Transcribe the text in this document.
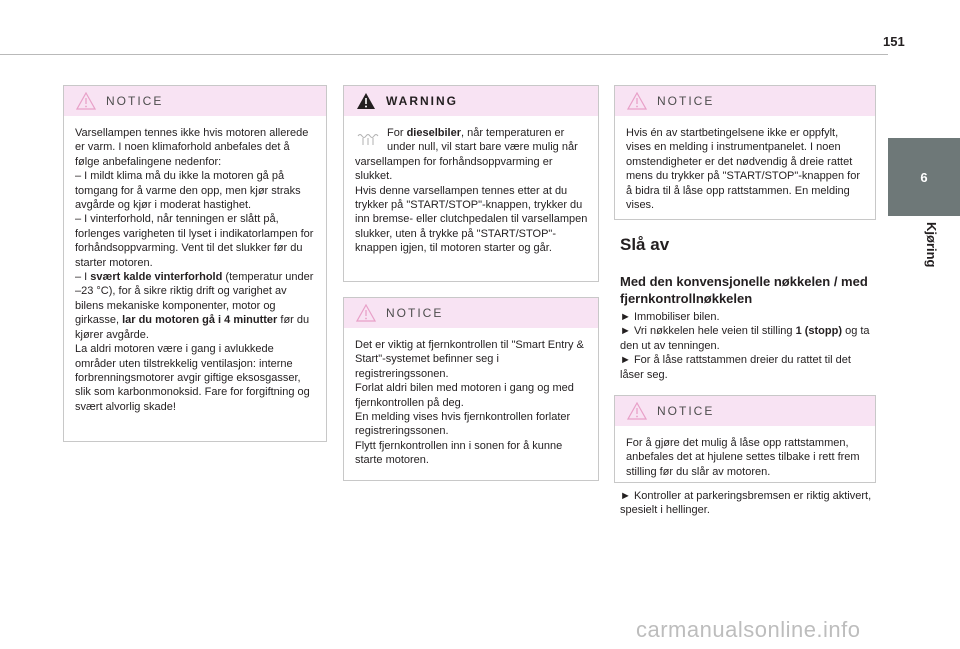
151
6
Kjøring
NOTICE

Varsellampen tennes ikke hvis motoren allerede er varm. I noen klimaforhold anbefales det å følge anbefalingene nedenfor:

– I mildt klima må du ikke la motoren gå på tomgang for å varme den opp, men kjør straks avgårde og kjør i moderat hastighet.

– I vinterforhold, når tenningen er slått på, forlenges varigheten til lyset i indikatorlampen for forhåndsoppvarming. Vent til det slukker før du starter motoren.

– I svært kalde vinterforhold (temperatur under –23 °C), for å sikre riktig drift og varighet av bilens mekaniske komponenter, motor og girkasse, lar du motoren gå i 4 minutter før du kjører avgårde.

La aldri motoren være i gang i avlukkede områder uten tilstrekkelig ventilasjon: interne forbrenningsmotorer avgir giftige eksosgasser, slik som karbonmonoksid. Fare for forgiftning og svært alvorlig skade!

WARNING

For dieselbiler, når temperaturen er under null, vil start bare være mulig når varsellampen for forhåndsoppvarming er slukket.

Hvis denne varsellampen tennes etter at du trykker på "START/STOP"-knappen, trykker du inn bremse- eller clutchpedalen til varsellampen slukker, uten å trykke på "START/STOP"-knappen igjen, til motoren starter og går.

NOTICE

Det er viktig at fjernkontrollen til "Smart Entry & Start"-systemet befinner seg i registreringssonen.

Forlat aldri bilen med motoren i gang og med fjernkontrollen på deg.

En melding vises hvis fjernkontrollen forlater registreringssonen.

Flytt fjernkontrollen inn i sonen for å kunne starte motoren.

NOTICE

Hvis én av startbetingelsene ikke er oppfylt, vises en melding i instrumentpanelet. I noen omstendigheter er det nødvendig å dreie rattet mens du trykker på "START/STOP"-knappen for å bidra til å låse opp rattstammen. En melding vises.

Slå av
Med den konvensjonelle nøkkelen / med fjernkontrollnøkkelen

► Immobiliser bilen.

► Vri nøkkelen hele veien til stilling 1 (stopp) og ta den ut av tenningen.

► For å låse rattstammen dreier du rattet til det låser seg.

NOTICE

For å gjøre det mulig å låse opp rattstammen, anbefales det at hjulene settes tilbake i rett frem stilling før du slår av motoren.

► Kontroller at parkeringsbremsen er riktig aktivert, spesielt i hellinger.

carmanualsonline.info
